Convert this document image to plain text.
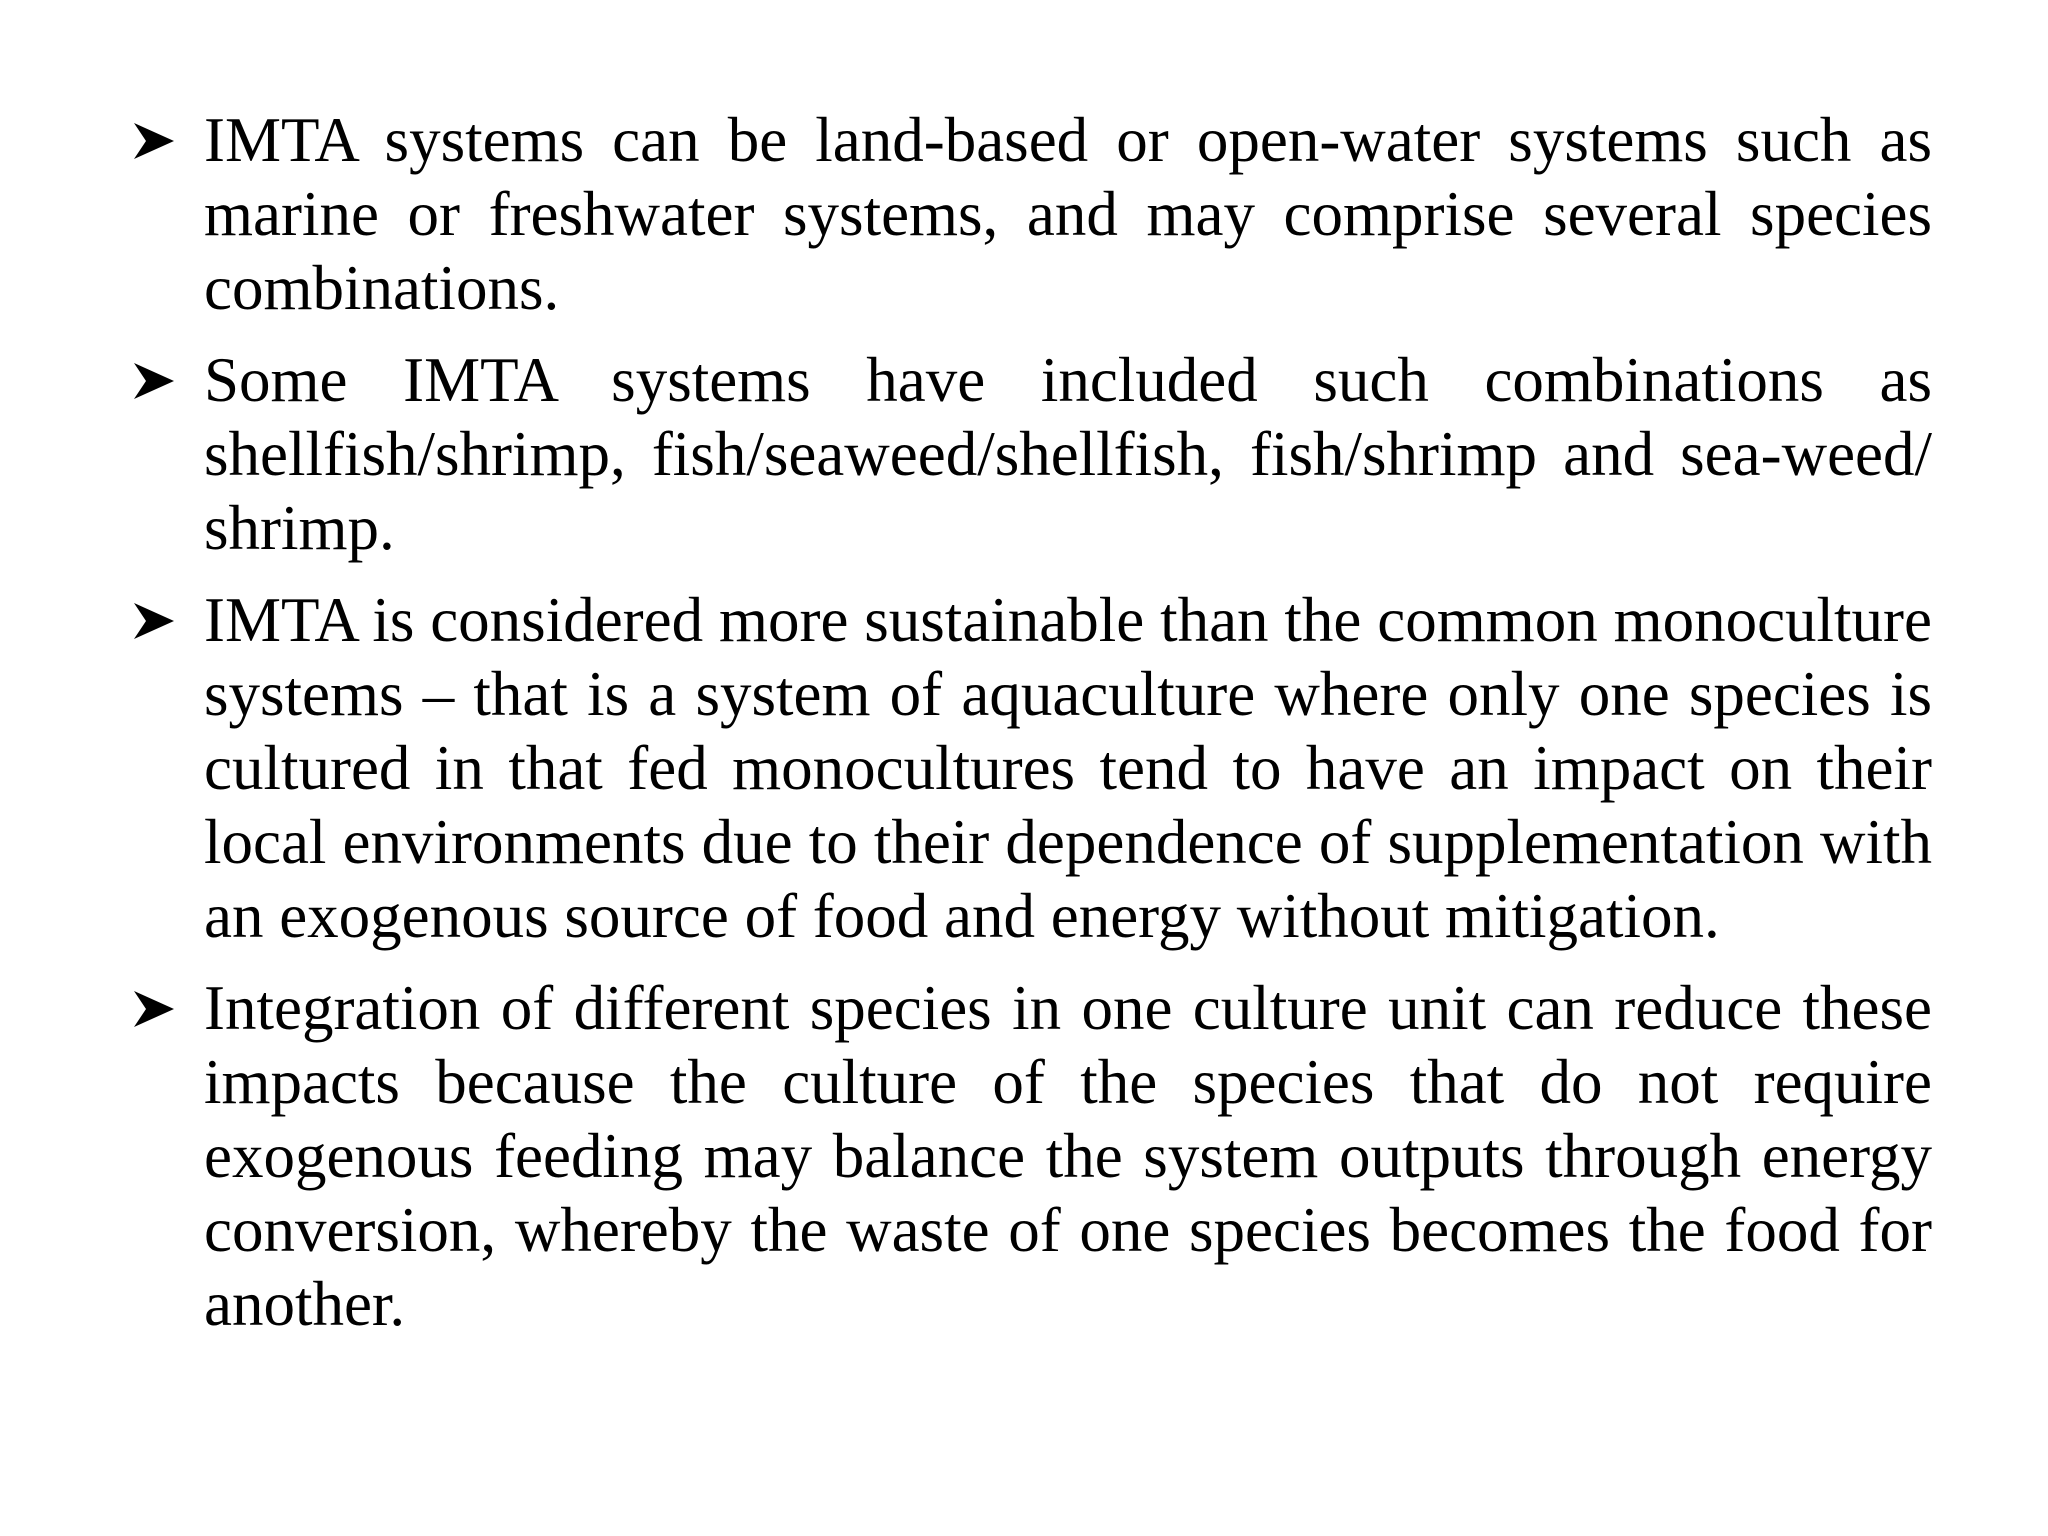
IMTA systems can be land-based or open-water systems such as marine or freshwater systems, and may comprise several species combinations.
Some IMTA systems have included such combinations as shellfish/shrimp, fish/seaweed/shellfish, fish/shrimp and sea-weed/ shrimp.
IMTA is considered more sustainable than the common monoculture systems – that is a system of aquaculture where only one species is cultured in that fed monocultures tend to have an impact on their local environments due to their dependence of supplementation with an exogenous source of food and energy without mitigation.
Integration of different species in one culture unit can reduce these impacts because the culture of the species that do not require exogenous feeding may balance the system outputs through energy conversion, whereby the waste of one species becomes the food for another.
